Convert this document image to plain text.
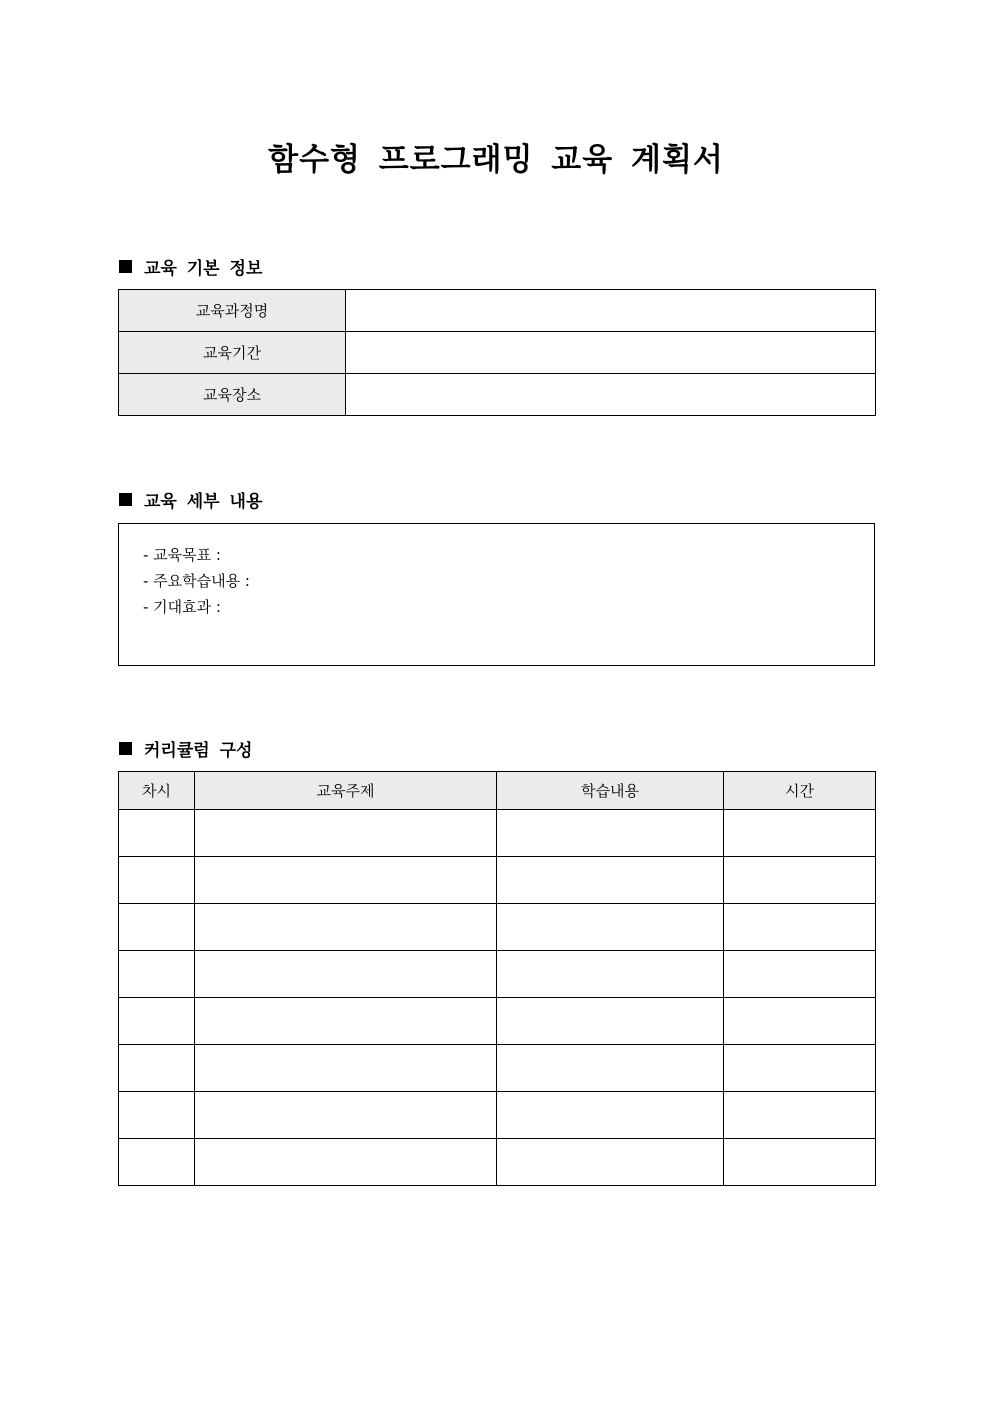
함수형 프로그래밍 교육 계획서
교육 기본 정보
교육과정명	
교육기간	
교육장소	
교육 세부 내용
- 교육목표 :
- 주요학습내용 :
- 기대효과 :
커리큘럼 구성
차시	교육주제	학습내용	시간
